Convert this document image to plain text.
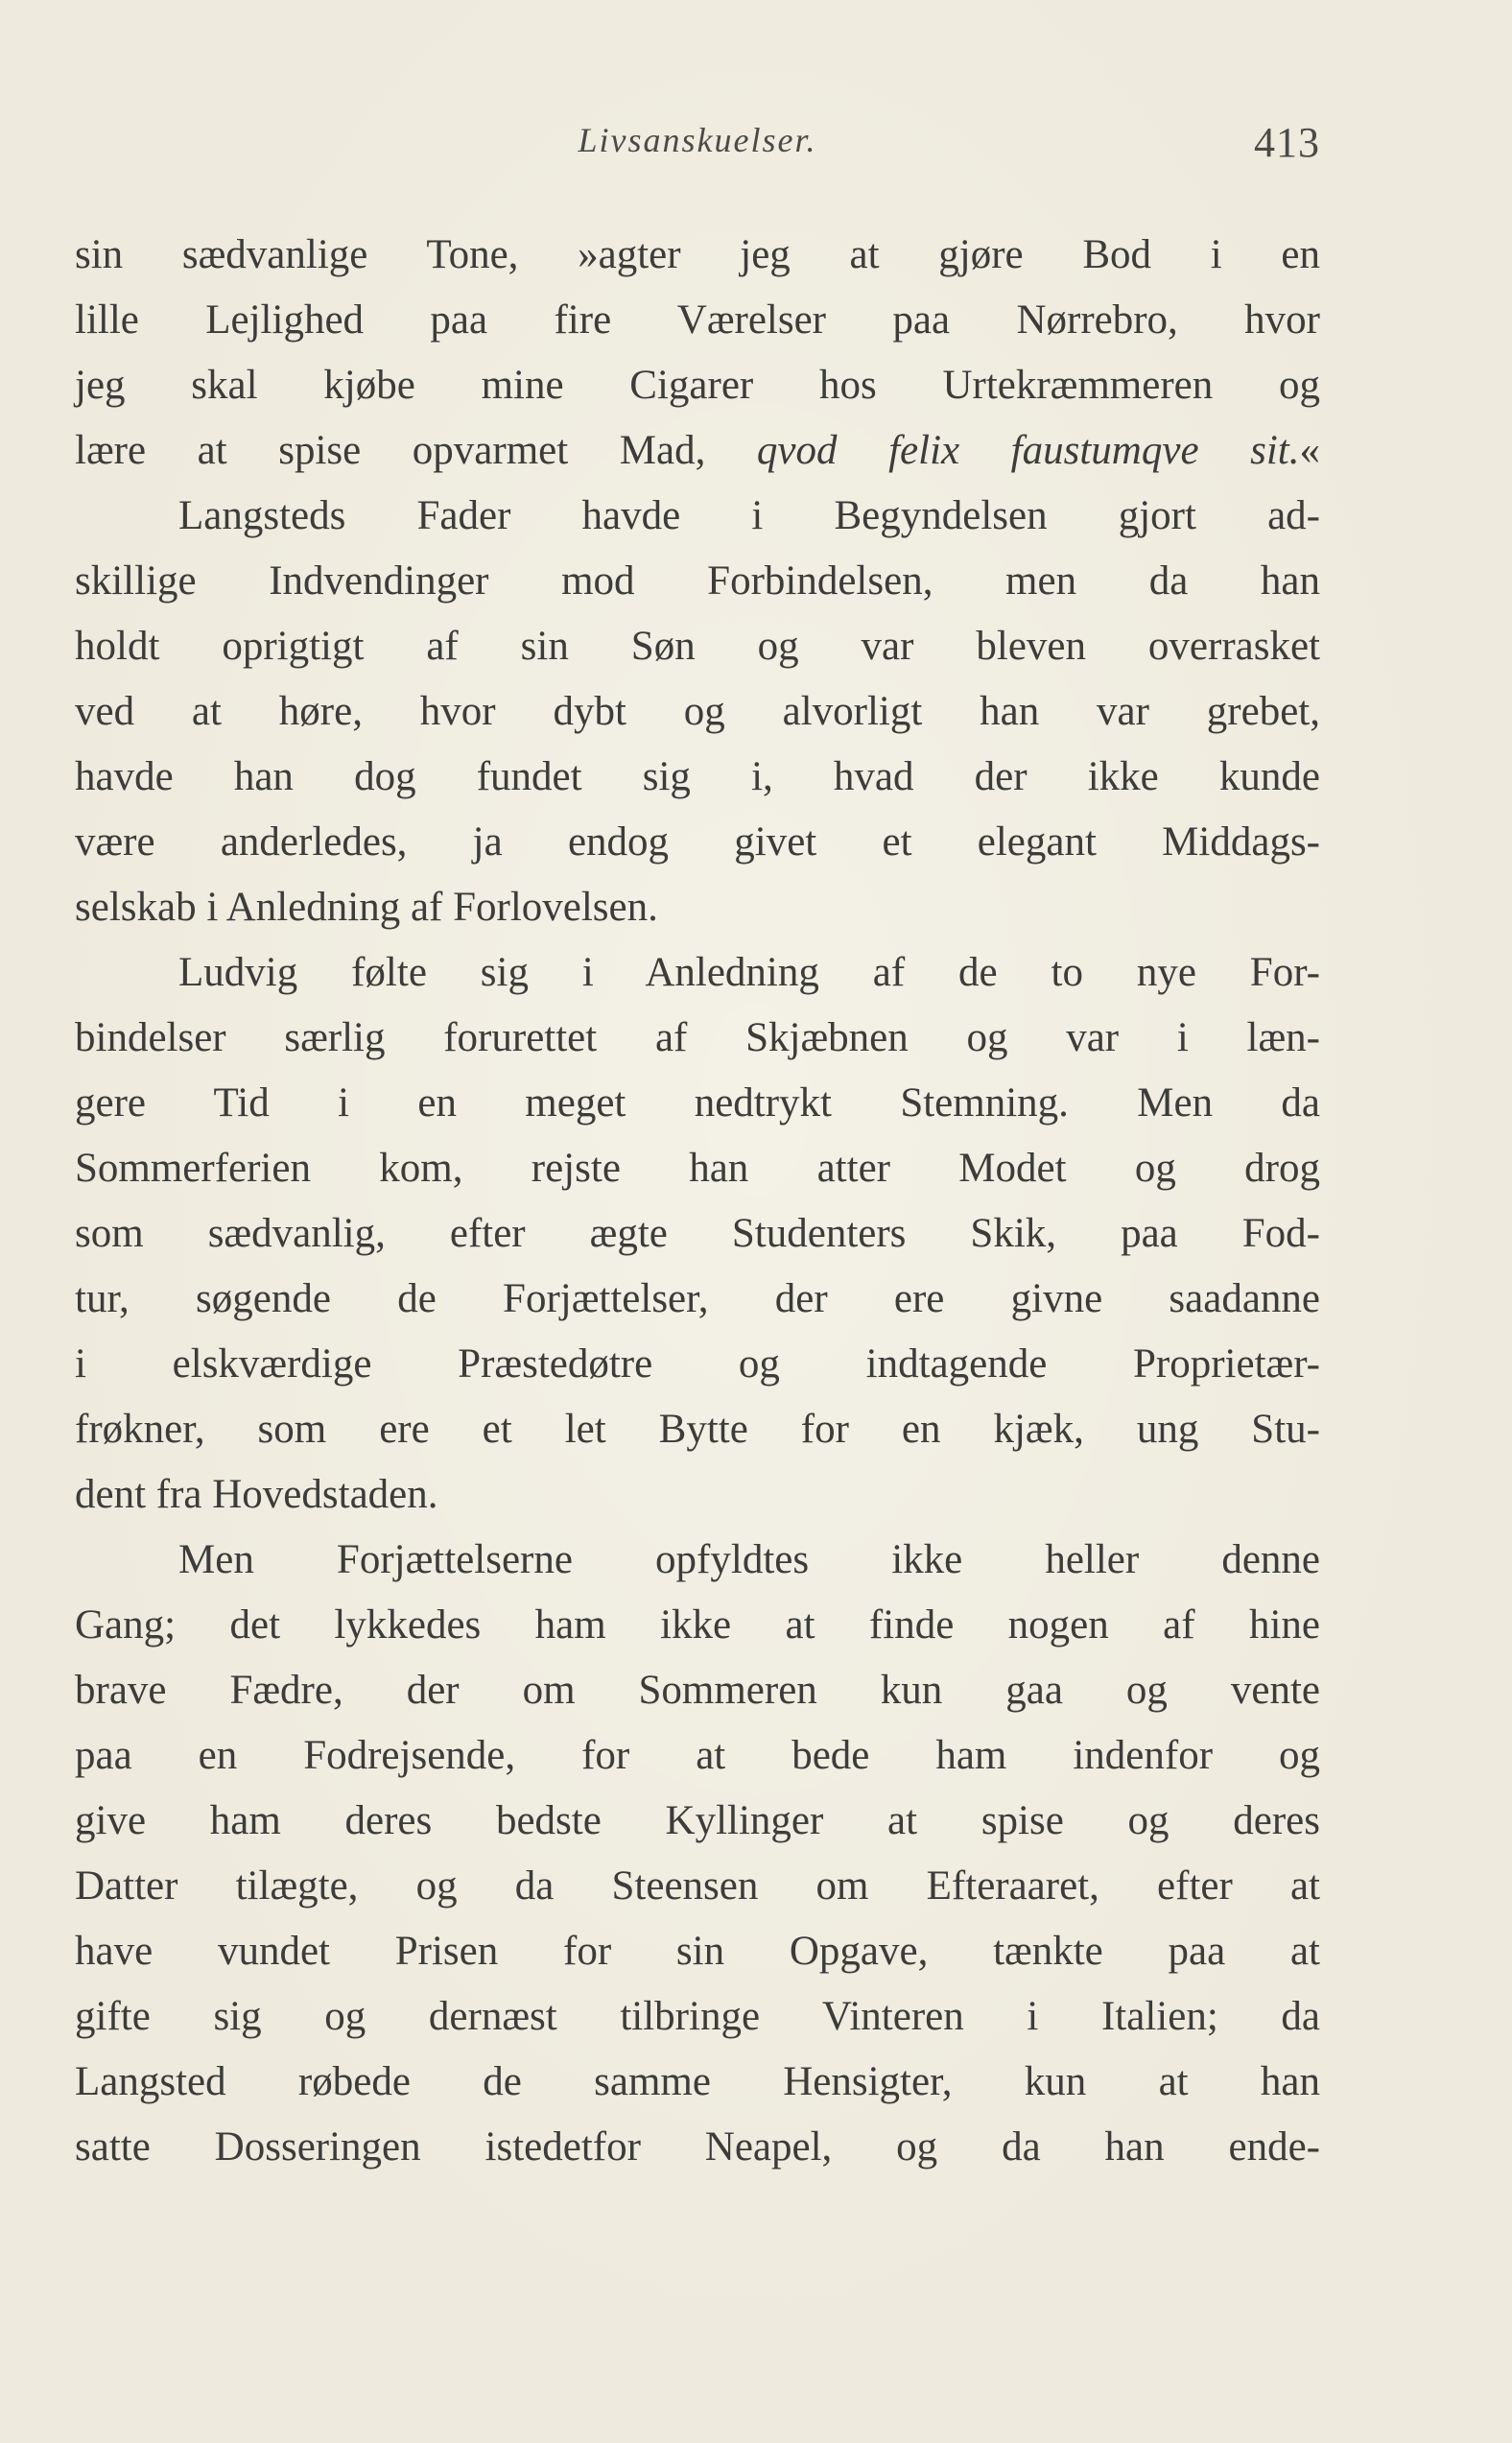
Livsanskuelser.	413
sin sædvanlige Tone, »agter jeg at gjøre Bod i en
lille Lejlighed paa fire Værelser paa Nørrebro, hvor
jeg skal kjøbe mine Cigarer hos Urtekræmmeren og
lære at spise opvarmet Mad, qvod felix faustumqve sit.«
Langsteds Fader havde i Begyndelsen gjort ad-
skillige Indvendinger mod Forbindelsen, men da han
holdt oprigtigt af sin Søn og var bleven overrasket
ved at høre, hvor dybt og alvorligt han var grebet,
havde han dog fundet sig i, hvad der ikke kunde
være anderledes, ja endog givet et elegant Middags-
selskab i Anledning af Forlovelsen.
Ludvig følte sig i Anledning af de to nye For-
bindelser særlig forurettet af Skjæbnen og var i læn-
gere Tid i en meget nedtrykt Stemning. Men da
Sommerferien kom, rejste han atter Modet og drog
som sædvanlig, efter ægte Studenters Skik, paa Fod-
tur, søgende de Forjættelser, der ere givne saadanne
i elskværdige Præstedøtre og indtagende Proprietær-
frøkner, som ere et let Bytte for en kjæk, ung Stu-
dent fra Hovedstaden.
Men Forjættelserne opfyldtes ikke heller denne
Gang; det lykkedes ham ikke at finde nogen af hine
brave Fædre, der om Sommeren kun gaa og vente
paa en Fodrejsende, for at bede ham indenfor og
give ham deres bedste Kyllinger at spise og deres
Datter tilægte, og da Steensen om Efteraaret, efter at
have vundet Prisen for sin Opgave, tænkte paa at
gifte sig og dernæst tilbringe Vinteren i Italien; da
Langsted røbede de samme Hensigter, kun at han
satte Dosseringen istedetfor Neapel, og da han ende-
